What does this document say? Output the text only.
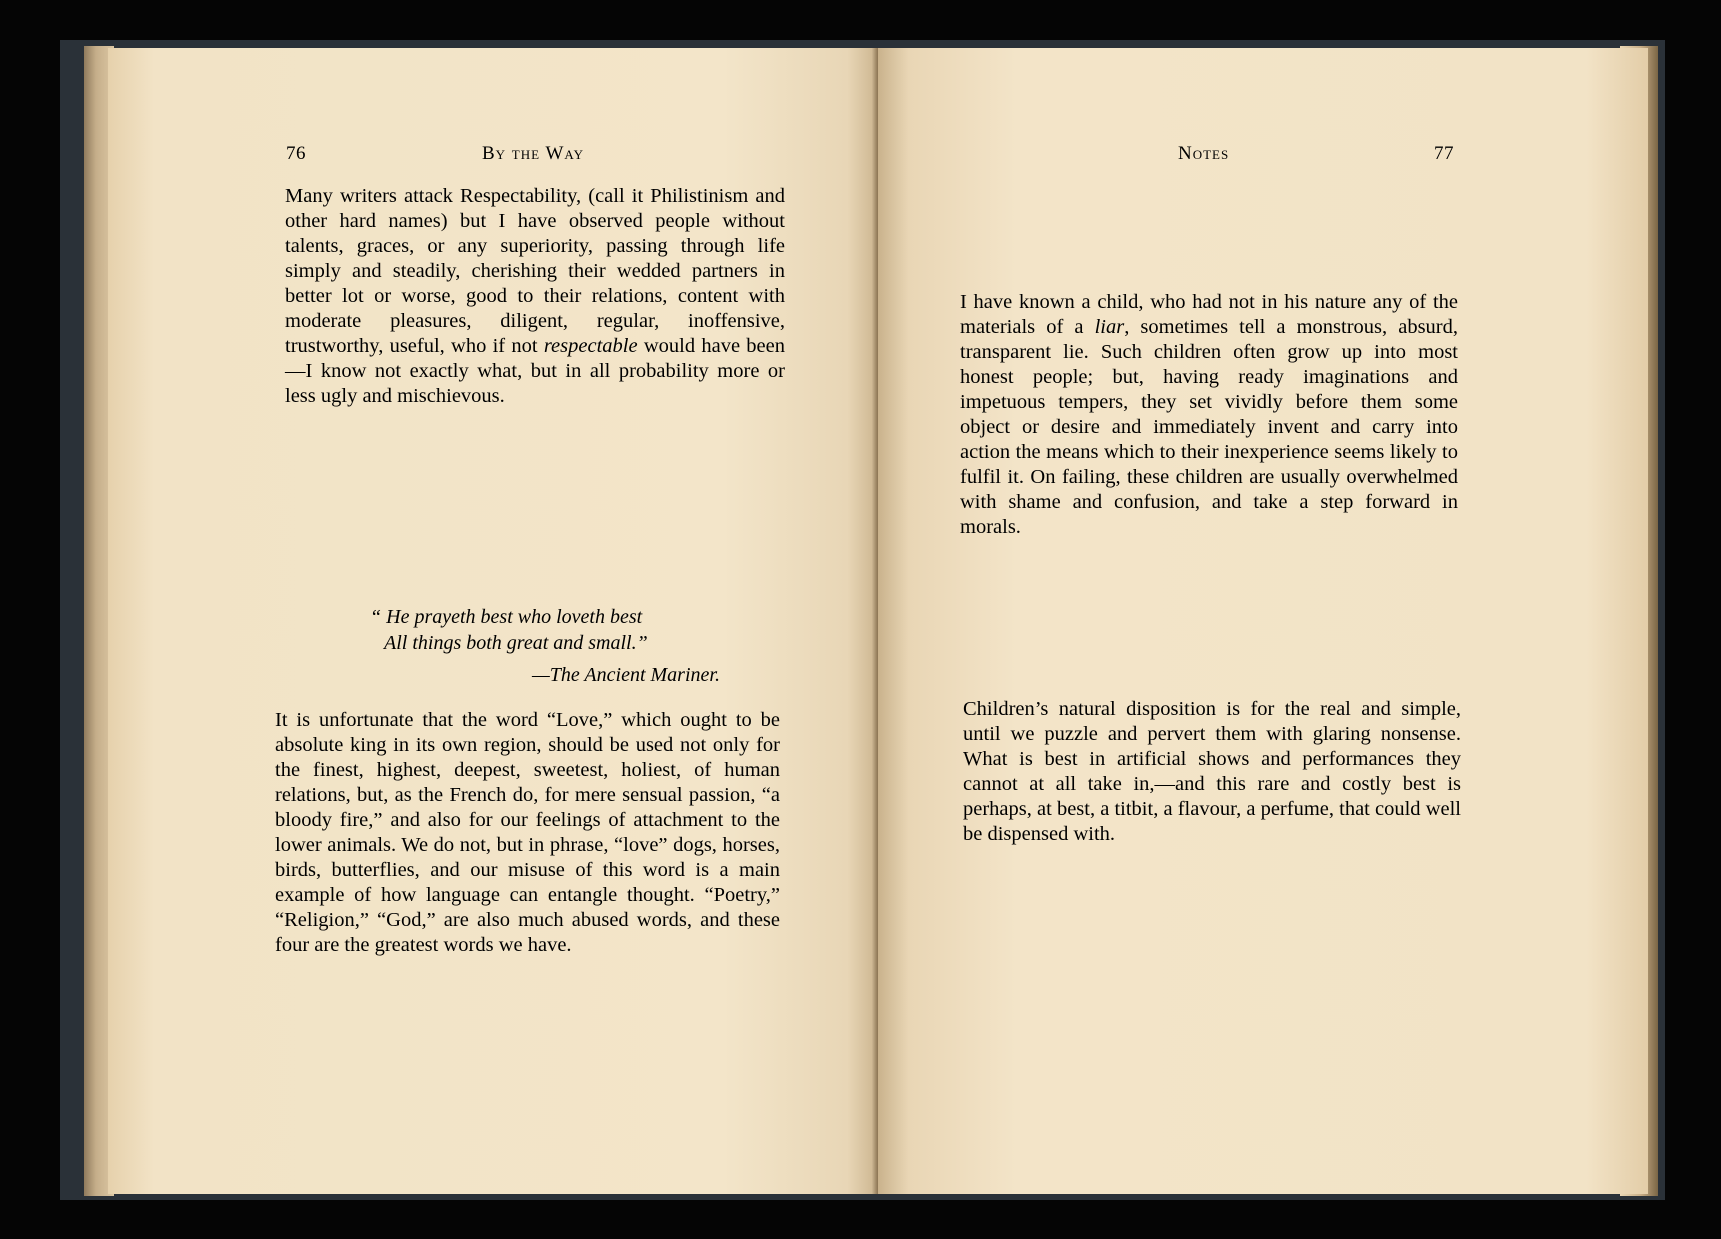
76	By the Way
Many writers attack Respectability, (call it Philistinism and other hard names) but I have observed people without talents, graces, or any superiority, passing through life simply and steadily, cherishing their wedded partners in better lot or worse, good to their relations, content with moderate pleasures, diligent, regular, inoffensive, trustworthy, useful, who if not respectable would have been—I know not exactly what, but in all probability more or less ugly and mischievous.
“ He prayeth best who loveth best
All things both great and small.”
—The Ancient Mariner.
It is unfortunate that the word “Love,” which ought to be absolute king in its own region, should be used not only for the finest, highest, deepest, sweetest, holiest, of human relations, but, as the French do, for mere sensual passion, “a bloody fire,” and also for our feelings of attachment to the lower animals. We do not, but in phrase, “love” dogs, horses, birds, butterflies, and our misuse of this word is a main example of how language can entangle thought. “Poetry,” “Religion,” “God,” are also much abused words, and these four are the greatest words we have.
Notes	77
I have known a child, who had not in his nature any of the materials of a liar, sometimes tell a monstrous, absurd, transparent lie. Such children often grow up into most honest people; but, having ready imaginations and impetuous tempers, they set vividly before them some object or desire and immediately invent and carry into action the means which to their inexperience seems likely to fulfil it. On failing, these children are usually overwhelmed with shame and confusion, and take a step forward in morals.
Children’s natural disposition is for the real and simple, until we puzzle and pervert them with glaring nonsense. What is best in artificial shows and performances they cannot at all take in,—and this rare and costly best is perhaps, at best, a titbit, a flavour, a perfume, that could well be dispensed with.
